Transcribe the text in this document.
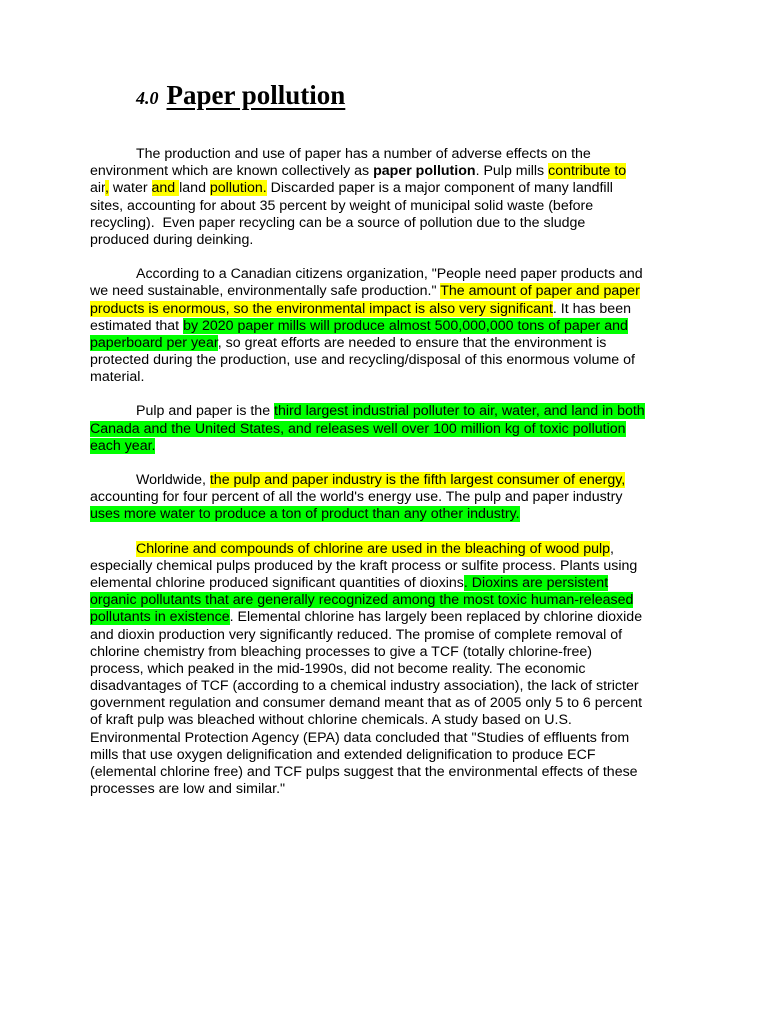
4.0 Paper pollution
The production and use of paper has a number of adverse effects on the
environment which are known collectively as paper pollution. Pulp mills contribute to
air, water and land pollution. Discarded paper is a major component of many landfill
sites, accounting for about 35 percent by weight of municipal solid waste (before
recycling).  Even paper recycling can be a source of pollution due to the sludge
produced during deinking.
According to a Canadian citizens organization, "People need paper products and
we need sustainable, environmentally safe production." The amount of paper and paper
products is enormous, so the environmental impact is also very significant. It has been
estimated that by 2020 paper mills will produce almost 500,000,000 tons of paper and
paperboard per year, so great efforts are needed to ensure that the environment is
protected during the production, use and recycling/disposal of this enormous volume of
material.
Pulp and paper is the third largest industrial polluter to air, water, and land in both
Canada and the United States, and releases well over 100 million kg of toxic pollution
each year.
Worldwide, the pulp and paper industry is the fifth largest consumer of energy,
accounting for four percent of all the world's energy use. The pulp and paper industry
uses more water to produce a ton of product than any other industry.
Chlorine and compounds of chlorine are used in the bleaching of wood pulp,
especially chemical pulps produced by the kraft process or sulfite process. Plants using
elemental chlorine produced significant quantities of dioxins. Dioxins are persistent
organic pollutants that are generally recognized among the most toxic human-released
pollutants in existence. Elemental chlorine has largely been replaced by chlorine dioxide
and dioxin production very significantly reduced. The promise of complete removal of
chlorine chemistry from bleaching processes to give a TCF (totally chlorine-free)
process, which peaked in the mid-1990s, did not become reality. The economic
disadvantages of TCF (according to a chemical industry association), the lack of stricter
government regulation and consumer demand meant that as of 2005 only 5 to 6 percent
of kraft pulp was bleached without chlorine chemicals. A study based on U.S.
Environmental Protection Agency (EPA) data concluded that "Studies of effluents from
mills that use oxygen delignification and extended delignification to produce ECF
(elemental chlorine free) and TCF pulps suggest that the environmental effects of these
processes are low and similar."
